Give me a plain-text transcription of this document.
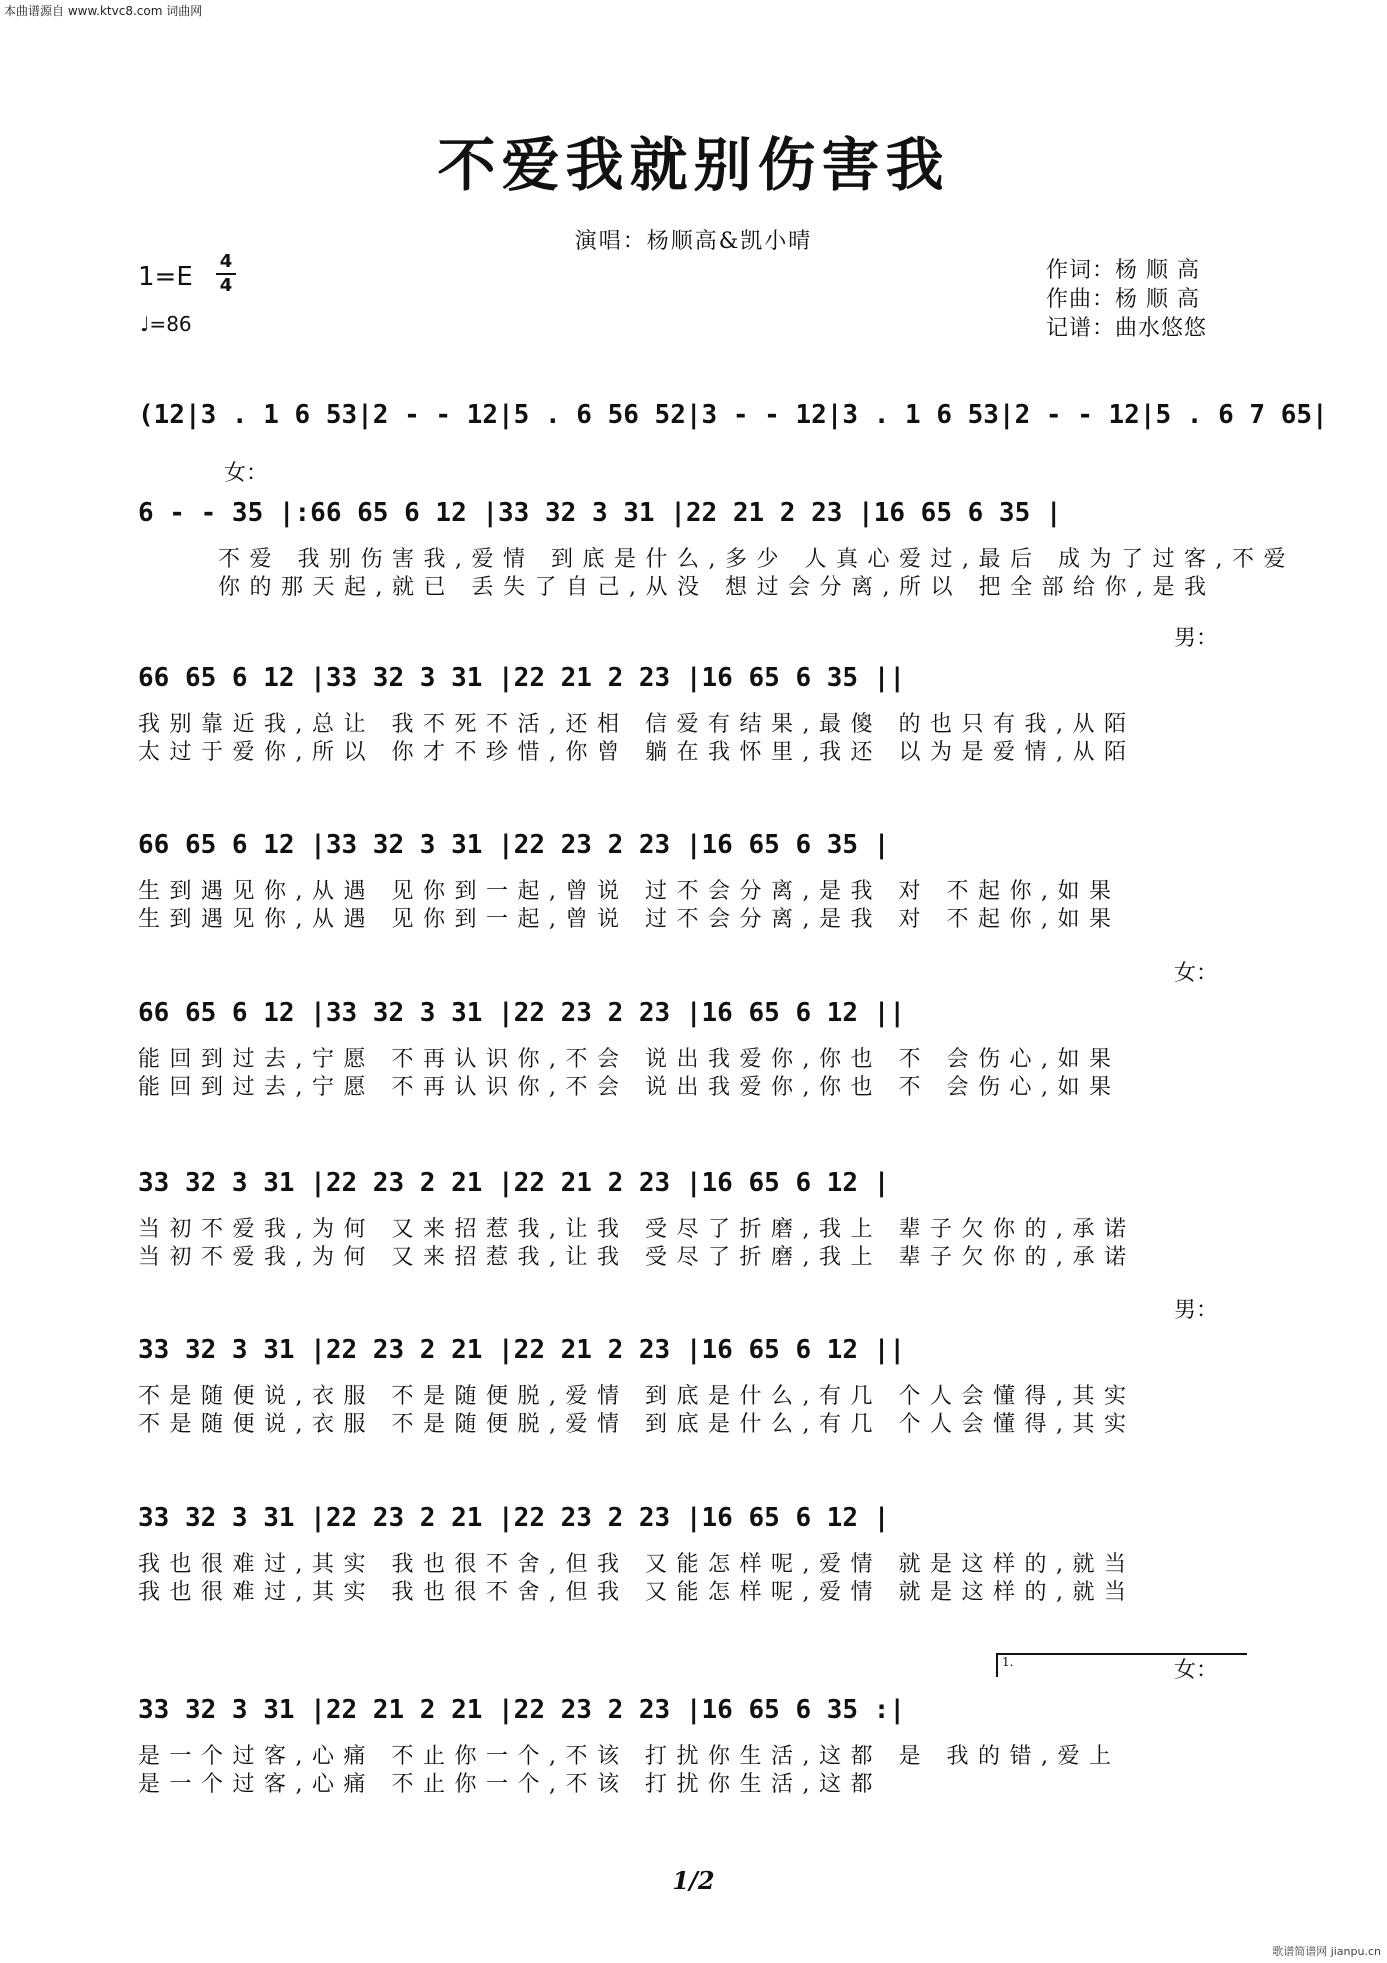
本曲谱源自 www.ktvc8.com 词曲网
不爱我就别伤害我
演唱：杨顺高&凯小晴
1=E
4
4
♩=86
作词：杨 顺 高
作曲：杨 顺 高
记谱：曲水悠悠
(12|3 . 1 6 53|2 - - 12|5 . 6 56 52|3 - - 12|3 . 1 6 53|2 - - 12|5 . 6 7 65|
6 - - 35 |:66 65 6 12 |33 32 3 31 |22 21 2 23 |16 65 6 35 |
女：
不爱 我别伤害我,爱情 到底是什么,多少 人真心爱过,最后 成为了过客,不爱
你的那天起,就已 丢失了自己,从没 想过会分离,所以 把全部给你,是我
66 65 6 12 |33 32 3 31 |22 21 2 23 |16 65 6 35 ||
男：
我别靠近我,总让 我不死不活,还相 信爱有结果,最傻 的也只有我,从陌
太过于爱你,所以 你才不珍惜,你曾 躺在我怀里,我还 以为是爱情,从陌
66 65 6 12 |33 32 3 31 |22 23 2 23 |16 65 6 35 |
生到遇见你,从遇 见你到一起,曾说 过不会分离,是我 对 不起你,如果
生到遇见你,从遇 见你到一起,曾说 过不会分离,是我 对 不起你,如果
66 65 6 12 |33 32 3 31 |22 23 2 23 |16 65 6 12 ||
女：
能回到过去,宁愿 不再认识你,不会 说出我爱你,你也 不 会伤心,如果
能回到过去,宁愿 不再认识你,不会 说出我爱你,你也 不 会伤心,如果
33 32 3 31 |22 23 2 21 |22 21 2 23 |16 65 6 12 |
当初不爱我,为何 又来招惹我,让我 受尽了折磨,我上 辈子欠你的,承诺
当初不爱我,为何 又来招惹我,让我 受尽了折磨,我上 辈子欠你的,承诺
33 32 3 31 |22 23 2 21 |22 21 2 23 |16 65 6 12 ||
男：
不是随便说,衣服 不是随便脱,爱情 到底是什么,有几 个人会懂得,其实
不是随便说,衣服 不是随便脱,爱情 到底是什么,有几 个人会懂得,其实
33 32 3 31 |22 23 2 21 |22 23 2 23 |16 65 6 12 |
我也很难过,其实 我也很不舍,但我 又能怎样呢,爱情 就是这样的,就当
我也很难过,其实 我也很不舍,但我 又能怎样呢,爱情 就是这样的,就当
33 32 3 31 |22 21 2 21 |22 23 2 23 |16 65 6 35 :|
女：
1.
是一个过客,心痛 不止你一个,不该 打扰你生活,这都 是 我的错,爱上
是一个过客,心痛 不止你一个,不该 打扰你生活,这都
1/2
歌谱简谱网 jianpu.cn
